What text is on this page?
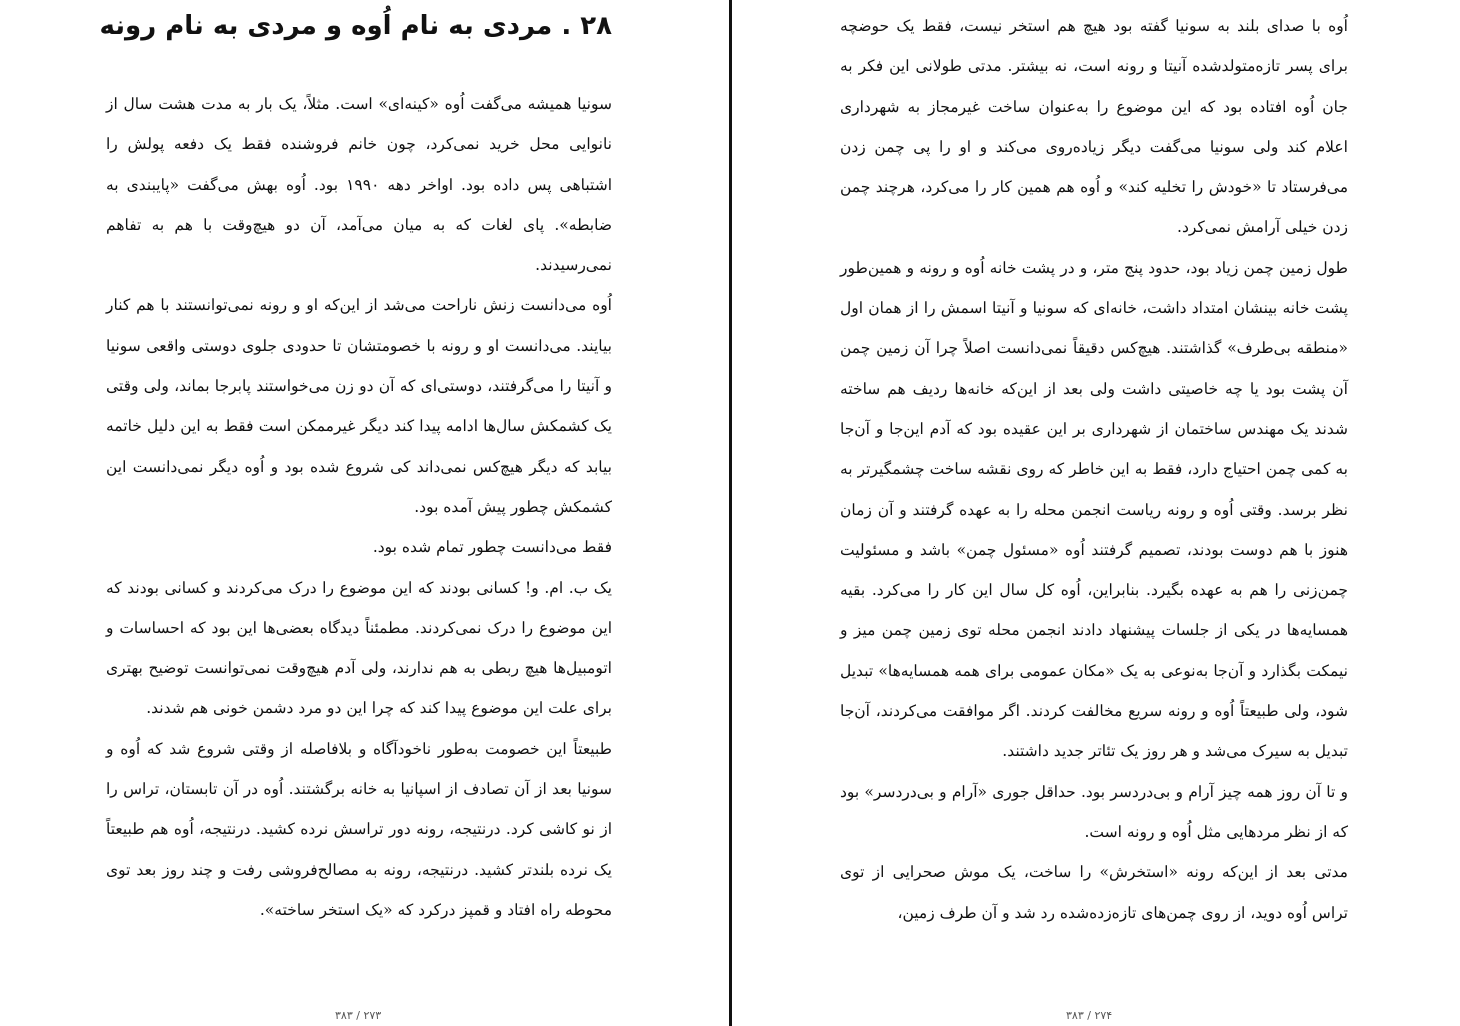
۲۸ . مردی به نام اُوه و مردی به نام رونه

سونیا همیشه می‌گفت اُوه «کینه‌ای» است. مثلاً، یک بار به مدت هشت سال از نانوایی محل خرید نمی‌کرد، چون خانم فروشنده فقط یک دفعه پولش را اشتباهی پس داده بود. اواخر دهه ۱۹۹۰ بود. اُوه بهش می‌گفت «پایبندی به ضابطه». پای لغات که به میان می‌آمد، آن دو هیچ‌وقت با هم به تفاهم نمی‌رسیدند.

اُوه می‌دانست زنش ناراحت می‌شد از این‌که او و رونه نمی‌توانستند با هم کنار بیایند. می‌دانست او و رونه با خصومتشان تا حدودی جلوی دوستی واقعی سونیا و آنیتا را می‌گرفتند، دوستی‌ای که آن دو زن می‌خواستند پابرجا بماند، ولی وقتی یک کشمکش سال‌ها ادامه پیدا کند دیگر غیرممکن است فقط به این دلیل خاتمه بیابد که دیگر هیچ‌کس نمی‌داند کی شروع شده بود و اُوه دیگر نمی‌دانست این کشمکش چطور پیش آمده بود.

فقط می‌دانست چطور تمام شده بود.

یک ب. ام. و! کسانی بودند که این موضوع را درک می‌کردند و کسانی بودند که این موضوع را درک نمی‌کردند. مطمئناً دیدگاه بعضی‌ها این بود که احساسات و اتومبیل‌ها هیچ ربطی به هم ندارند، ولی آدم هیچ‌وقت نمی‌توانست توضیح بهتری برای علت این موضوع پیدا کند که چرا این دو مرد دشمن خونی هم شدند.

طبیعتاً این خصومت به‌طور ناخودآگاه و بلافاصله از وقتی شروع شد که اُوه و سونیا بعد از آن تصادف از اسپانیا به خانه برگشتند. اُوه در آن تابستان، تراس را از نو کاشی کرد. درنتیجه، رونه دور تراسش نرده کشید. درنتیجه، اُوه هم طبیعتاً یک نرده بلندتر کشید. درنتیجه، رونه به مصالح‌فروشی رفت و چند روز بعد توی محوطه راه افتاد و قمپز درکرد که «یک استخر ساخته».

۲۷۳ / ۳۸۳

اُوه با صدای بلند به سونیا گفته بود هیچ هم استخر نیست، فقط یک حوضچه برای پسر تازه‌متولدشده آنیتا و رونه است، نه بیشتر. مدتی طولانی این فکر به جان اُوه افتاده بود که این موضوع را به‌عنوان ساخت غیرمجاز به شهرداری اعلام کند ولی سونیا می‌گفت دیگر زیاده‌روی می‌کند و او را پی چمن زدن می‌فرستاد تا «خودش را تخلیه کند» و اُوه هم همین کار را می‌کرد، هرچند چمن زدن خیلی آرامش نمی‌کرد.

طول زمین چمن زیاد بود، حدود پنج متر، و در پشت خانه اُوه و رونه و همین‌طور پشت خانه بینشان امتداد داشت، خانه‌ای که سونیا و آنیتا اسمش را از همان اول «منطقه بی‌طرف» گذاشتند. هیچ‌کس دقیقاً نمی‌دانست اصلاً چرا آن زمین چمن آن پشت بود یا چه خاصیتی داشت ولی بعد از این‌که خانه‌ها ردیف هم ساخته شدند یک مهندس ساختمان از شهرداری بر این عقیده بود که آدم این‌جا و آن‌جا به کمی چمن احتیاج دارد، فقط به این خاطر که روی نقشه ساخت چشمگیرتر به نظر برسد. وقتی اُوه و رونه ریاست انجمن محله را به عهده گرفتند و آن زمان هنوز با هم دوست بودند، تصمیم گرفتند اُوه «مسئول چمن» باشد و مسئولیت چمن‌زنی را هم به عهده بگیرد. بنابراین، اُوه کل سال این کار را می‌کرد. بقیه همسایه‌ها در یکی از جلسات پیشنهاد دادند انجمن محله توی زمین چمن میز و نیمکت بگذارد و آن‌جا به‌نوعی به یک «مکان عمومی برای همه همسایه‌ها» تبدیل شود، ولی طبیعتاً اُوه و رونه سریع مخالفت کردند. اگر موافقت می‌کردند، آن‌جا تبدیل به سیرک می‌شد و هر روز یک تئاتر جدید داشتند.

و تا آن روز همه چیز آرام و بی‌دردسر بود. حداقل جوری «آرام و بی‌دردسر» بود که از نظر مردهایی مثل اُوه و رونه است.

مدتی بعد از این‌که رونه «استخرش» را ساخت، یک موش صحرایی از توی تراس اُوه دوید، از روی چمن‌های تازه‌زده‌شده رد شد و آن طرف زمین،

۲۷۴ / ۳۸۳
